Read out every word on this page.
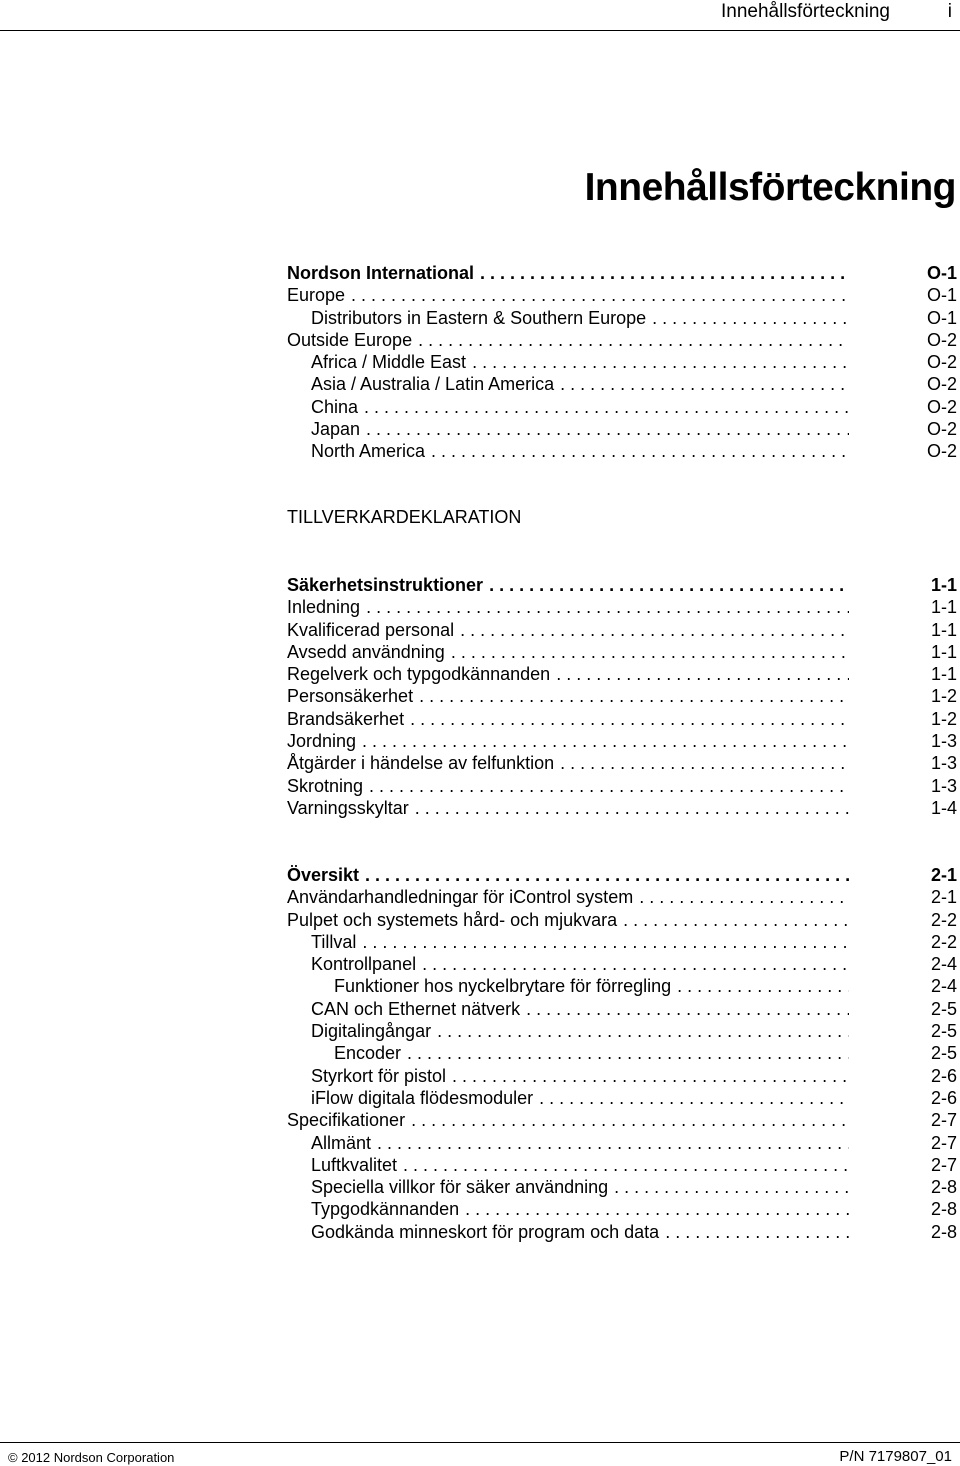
Innehållsförteckning	i
Innehållsförteckning
Nordson International . . .	O-1
Europe . . .	O-1
Distributors in Eastern & Southern Europe . . .	O-1
Outside Europe . . .	O-2
Africa / Middle East . . .	O-2
Asia / Australia / Latin America . . .	O-2
China . . .	O-2
Japan . . .	O-2
North America . . .	O-2
TILLVERKARDEKLARATION
Säkerhetsinstruktioner . . .	1-1
Inledning . . .	1-1
Kvalificerad personal . . .	1-1
Avsedd användning . . .	1-1
Regelverk och typgodkännanden . . .	1-1
Personsäkerhet . . .	1-2
Brandsäkerhet . . .	1-2
Jordning . . .	1-3
Åtgärder i händelse av felfunktion . . .	1-3
Skrotning . . .	1-3
Varningsskyltar . . .	1-4
Översikt . . .	2-1
Användarhandledningar för iControl system . . .	2-1
Pulpet och systemets hård- och mjukvara . . .	2-2
Tillval . . .	2-2
Kontrollpanel . . .	2-4
Funktioner hos nyckelbrytare för förregling . . .	2-4
CAN och Ethernet nätverk . . .	2-5
Digitalingångar . . .	2-5
Encoder . . .	2-5
Styrkort för pistol . . .	2-6
iFlow digitala flödesmoduler . . .	2-6
Specifikationer . . .	2-7
Allmänt . . .	2-7
Luftkvalitet . . .	2-7
Speciella villkor för säker användning . . .	2-8
Typgodkännanden . . .	2-8
Godkända minneskort för program och data . . .	2-8
© 2012 Nordson Corporation	P/N 7179807_01
